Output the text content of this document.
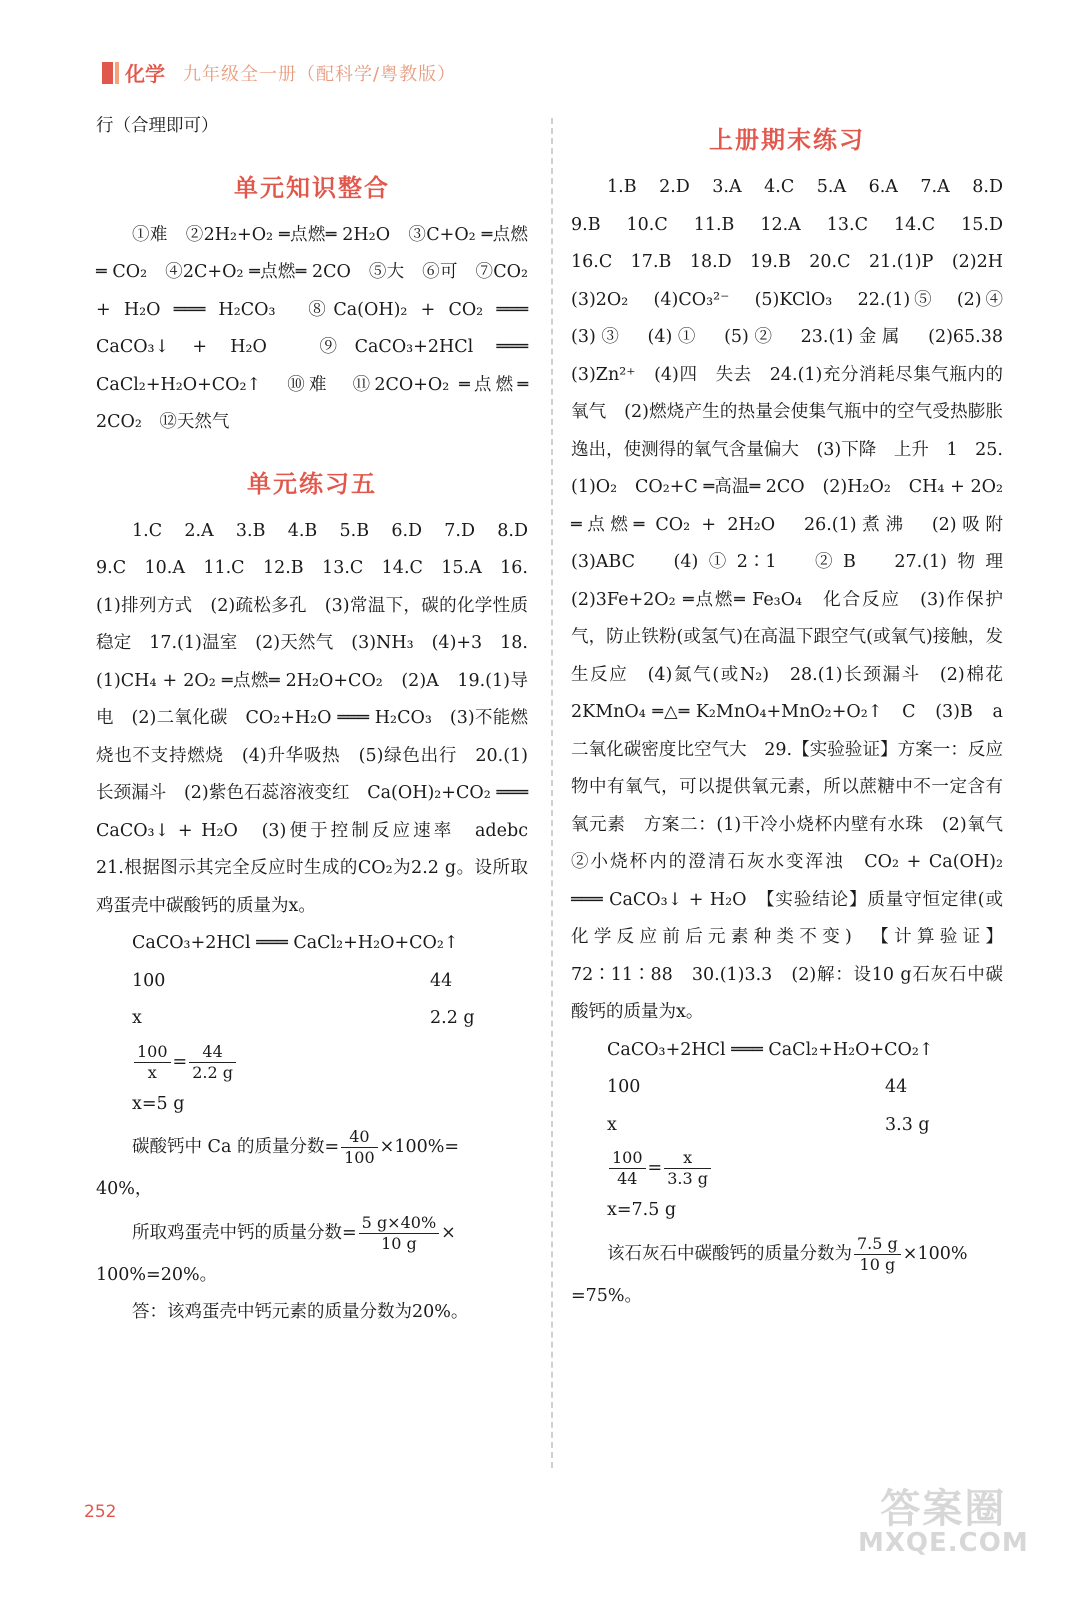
化学 九年级全一册（配科学/粤教版）

行（合理即可）

单元知识整合

①难　②2H₂+O₂ ═点燃═ 2H₂O　③C+O₂ ═点燃═ CO₂　④2C+O₂ ═点燃═ 2CO　⑤大　⑥可　⑦CO₂ + H₂O ═══ H₂CO₃　⑧Ca(OH)₂ + CO₂ ═══ CaCO₃↓ + H₂O　⑨CaCO₃+2HCl ═══ CaCl₂+H₂O+CO₂↑　⑩难　⑪2CO+O₂ ═点燃═ 2CO₂　⑫天然气

单元练习五

1.C　2.A　3.B　4.B　5.B　6.D　7.D　8.D　9.C　10.A　11.C　12.B　13.C　14.C　15.A　16.(1)排列方式　(2)疏松多孔　(3)常温下，碳的化学性质稳定　17.(1)温室　(2)天然气　(3)NH₃　(4)+3　18.(1)CH₄ + 2O₂ ═点燃═ 2H₂O+CO₂　(2)A　19.(1)导电　(2)二氧化碳　CO₂+H₂O ═══ H₂CO₃　(3)不能燃烧也不支持燃烧　(4)升华吸热　(5)绿色出行　20.(1)长颈漏斗　(2)紫色石蕊溶液变红　Ca(OH)₂+CO₂ ═══ CaCO₃↓ + H₂O　(3)便于控制反应速率　adebc　21.根据图示其完全反应时生成的CO₂为2.2 g。设所取鸡蛋壳中碳酸钙的质量为x。

CaCO₃+2HCl ═══ CaCl₂+H₂O+CO₂↑
100	44
x	2.2 g
$\frac{100}{x} = \frac{44}{2.2 g}$
x=5 g
碳酸钙中 Ca 的质量分数= $\frac{40}{100} \times 100\%=$
40%，
所取鸡蛋壳中钙的质量分数= $\frac{5 g\times 40\%}{10 g}$ ×
100%=20%。
答：该鸡蛋壳中钙元素的质量分数为20%。
上册期末练习

1.B　2.D　3.A　4.C　5.A　6.A　7.A　8.D　9.B　10.C　11.B　12.A　13.C　14.C　15.D　16.C　17.B　18.D　19.B　20.C　21.(1)P　(2)2H　(3)2O₂　(4)CO₃²⁻　(5)KClO₃　22.(1)⑤　(2)④　(3)③　(4)①　(5)②　23.(1)金属　(2)65.38　(3)Zn²⁺　(4)四　失去　24.(1)充分消耗尽集气瓶内的氧气　(2)燃烧产生的热量会使集气瓶中的空气受热膨胀逸出，使测得的氧气含量偏大　(3)下降　上升　1　25.(1)O₂　CO₂+C ═高温═ 2CO　(2)H₂O₂　CH₄ + 2O₂ ═点燃═ CO₂ + 2H₂O　26.(1)煮沸　(2)吸附　(3)ABC　(4)①2∶1　②B　27.(1)物理　(2)3Fe+2O₂ ═点燃═ Fe₃O₄　化合反应　(3)作保护气，防止铁粉(或氢气)在高温下跟空气(或氧气)接触，发生反应　(4)氮气(或N₂)　28.(1)长颈漏斗　(2)棉花　2KMnO₄ ═△═ K₂MnO₄+MnO₂+O₂↑　C　(3)B　a　二氧化碳密度比空气大　29.【实验验证】方案一：反应物中有氧气，可以提供氧元素，所以蔗糖中不一定含有氧元素　方案二：(1)干冷小烧杯内壁有水珠　(2)氧气　②小烧杯内的澄清石灰水变浑浊　CO₂ + Ca(OH)₂ ═══ CaCO₃↓ + H₂O　【实验结论】质量守恒定律(或化学反应前后元素种类不变)　【计算验证】72∶11∶88　30.(1)3.3　(2)解：设10 g石灰石中碳酸钙的质量为x。

CaCO₃+2HCl ═══ CaCl₂+H₂O+CO₂↑
100	44
x	3.3 g
$\frac{100}{44} = \frac{x}{3.3 g}$
x=7.5 g
该石灰石中碳酸钙的质量分数为 $\frac{7.5 g}{10 g} \times 100\%$
=75%。
252	答案圈
MXQE.COM
